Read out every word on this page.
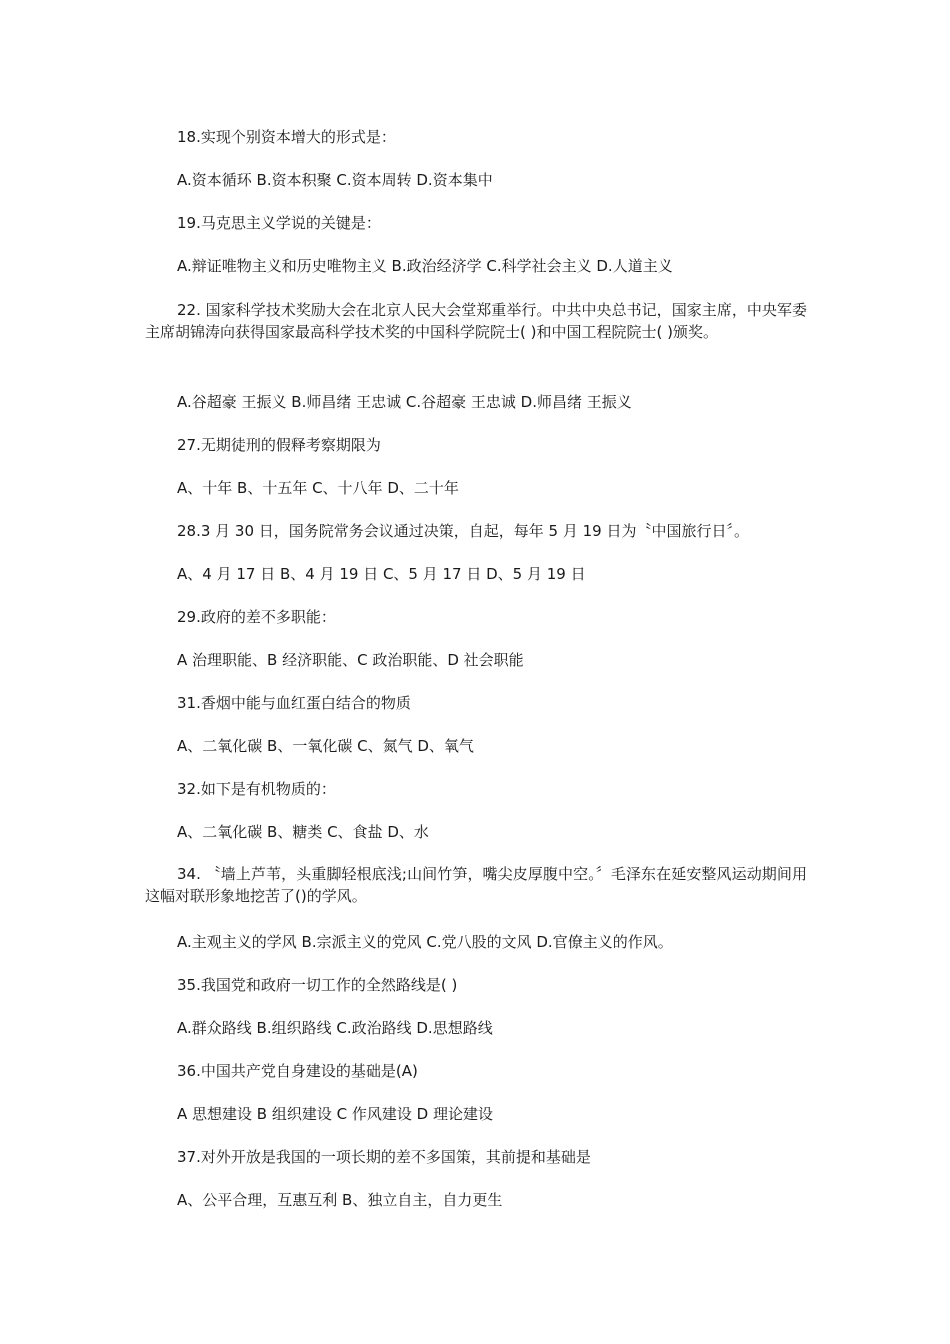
18.实现个别资本增大的形式是：

A.资本循环 B.资本积聚 C.资本周转 D.资本集中

19.马克思主义学说的关键是：

A.辩证唯物主义和历史唯物主义 B.政治经济学 C.科学社会主义 D.人道主义

22. 国家科学技术奖励大会在北京人民大会堂郑重举行。中共中央总书记，国家主席，中央军委主席胡锦涛向获得国家最高科学技术奖的中国科学院院士( )和中国工程院院士( )颁奖。

A.谷超豪 王振义 B.师昌绪 王忠诚 C.谷超豪 王忠诚 D.师昌绪 王振义

27.无期徒刑的假释考察期限为

A、十年 B、十五年 C、十八年 D、二十年

28.3 月 30 日，国务院常务会议通过决策，自起，每年 5 月 19 日为〝中国旅行日〞。

A、4 月 17 日 B、4 月 19 日 C、5 月 17 日 D、5 月 19 日

29.政府的差不多职能：

A 治理职能、B 经济职能、C 政治职能、D 社会职能

31.香烟中能与血红蛋白结合的物质

A、二氧化碳 B、一氧化碳 C、氮气 D、氧气

32.如下是有机物质的：

A、二氧化碳 B、糖类 C、食盐 D、水

34. 〝墙上芦苇，头重脚轻根底浅;山间竹笋，嘴尖皮厚腹中空。〞毛泽东在延安整风运动期间用这幅对联形象地挖苦了()的学风。

A.主观主义的学风 B.宗派主义的党风 C.党八股的文风 D.官僚主义的作风。

35.我国党和政府一切工作的全然路线是( )

A.群众路线 B.组织路线 C.政治路线 D.思想路线

36.中国共产党自身建设的基础是(A)

A 思想建设 B 组织建设 C 作风建设 D 理论建设

37.对外开放是我国的一项长期的差不多国策，其前提和基础是

A、公平合理，互惠互利 B、独立自主，自力更生
